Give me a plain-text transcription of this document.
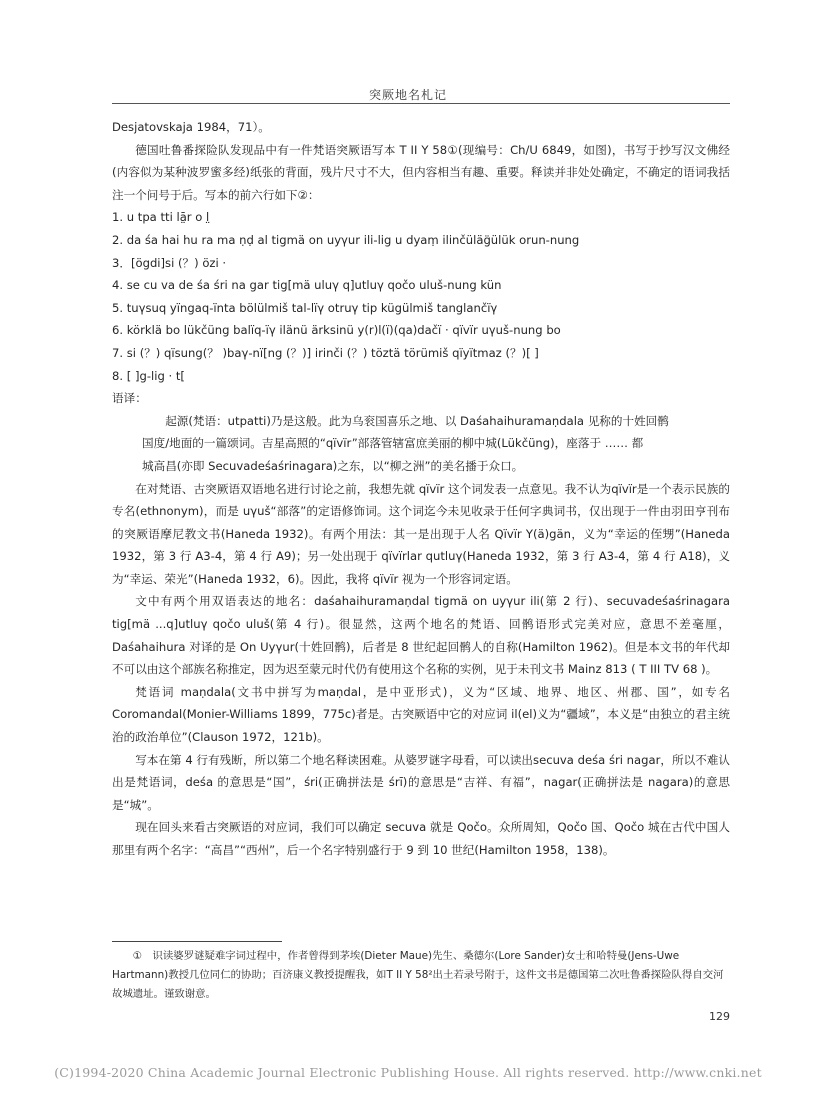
突厥地名札记

Desjatovskaja 1984，71）。

德国吐鲁番探险队发现品中有一件梵语突厥语写本 T II Y 58①(现编号：Ch/U 6849，如图)，书写于抄写汉文佛经(内容似为某种波罗蜜多经)纸张的背面，残片尺寸不大，但内容相当有趣、重要。释读并非处处确定，不确定的语词我括注一个问号于后。写本的前六行如下②：

1. u tpa tti lā̤r o l̤

2. da śa hai hu ra ma ṇḍ al tigmä on uyγur ili-lig u dyaṃ ilinčüläg̈ülük orun-nung

3．[ögdi]si (？) özi ·

4. se cu va de śa śri na gar tig[mä uluγ q]utluγ qočo uluš-nung kün

5. tuγsuq yïngaq-ïnta bölülmiš tal-lïγ otruγ tip kügülmiš tanglančïγ

6. körklä bo lükčüng balïq-ïγ ilänü ärksinü y(r)l(ï)(qa)dačï · qïvïr uγuš-nung bo

7. si (？) qïsung(？ )baγ-nï[ng (？)] irinči (？) töztä törümiš qïyïtmaz (？)[ ]

8. [ ]g-lig · t[

语译：

起源(梵语：utpatti)乃是这般。此为乌衮国喜乐之地、以 Daśahaihuramaṇdala 见称的十姓回鹘

国度/地面的一篇颂词。吉星高照的“qïvïr”部落管辖富庶美丽的柳中城(Lükčüng)，座落于 …… 都

城高昌(亦即 Secuvadeśaśrinagara)之东，以“柳之洲”的美名播于众口。

在对梵语、古突厥语双语地名进行讨论之前，我想先就 qïvïr 这个词发表一点意见。我不认为qïvïr是一个表示民族的专名(ethnonym)，而是 uγuš“部落”的定语修饰词。这个词迄今未见收录于任何字典词书，仅出现于一件由羽田亨刊布的突厥语摩尼教文书(Haneda 1932)。有两个用法：其一是出现于人名 Qïvïr Y(ä)gän，义为“幸运的侄甥”(Haneda 1932，第 3 行 A3-4，第 4 行 A9)；另一处出现于 qïvïrlar qutluγ(Haneda 1932，第 3 行 A3-4，第 4 行 A18)，义为“幸运、荣光”(Haneda 1932，6)。因此，我将 qïvïr 视为一个形容词定语。

文中有两个用双语表达的地名：daśahaihuramaṇdal tigmä on uyγur ili(第 2 行)、secuvadeśaśrinagara tig[mä ...q]utluγ qočo uluš(第 4 行)。很显然，这两个地名的梵语、回鹘语形式完美对应，意思不差毫厘，Daśahaihura 对译的是 On Uyγur(十姓回鹘)，后者是 8 世纪起回鹘人的自称(Hamilton 1962)。但是本文书的年代却不可以由这个部族名称推定，因为迟至蒙元时代仍有使用这个名称的实例，见于未刊文书 Mainz 813 ( T III TV 68 )。

梵语词 maṇdala(文书中拼写为maṇdal，是中亚形式)，义为“区域、地界、地区、州郡、国”，如专名 Coromandal(Monier-Williams 1899，775c)者是。古突厥语中它的对应词 il(el)义为“疆域”，本义是“由独立的君主统治的政治单位”(Clauson 1972，121b)。

写本在第 4 行有残断，所以第二个地名释读困难。从婆罗谜字母看，可以读出secuva deśa śri nagar，所以不难认出是梵语词，deśa 的意思是“国”，śri(正确拼法是 śrī)的意思是“吉祥、有福”，nagar(正确拼法是 nagara)的意思是“城”。

现在回头来看古突厥语的对应词，我们可以确定 secuva 就是 Qočo。众所周知，Qočo 国、Qočo 城在古代中国人那里有两个名字：“高昌”“西州”，后一个名字特别盛行于 9 到 10 世纪(Hamilton 1958，138)。

①　 识读婆罗谜疑难字词过程中，作者曾得到茅埃(Dieter Maue)先生、桑德尔(Lore Sander)女士和哈特曼(Jens-Uwe Hartmann)教授几位同仁的协助；百济康义教授提醒我，如T II Y 58²出土若录号附于，这件文书是德国第二次吐鲁番探险队得自交河故城遗址。谨致谢意。

129
(C)1994-2020 China Academic Journal Electronic Publishing House. All rights reserved. http://www.cnki.net
